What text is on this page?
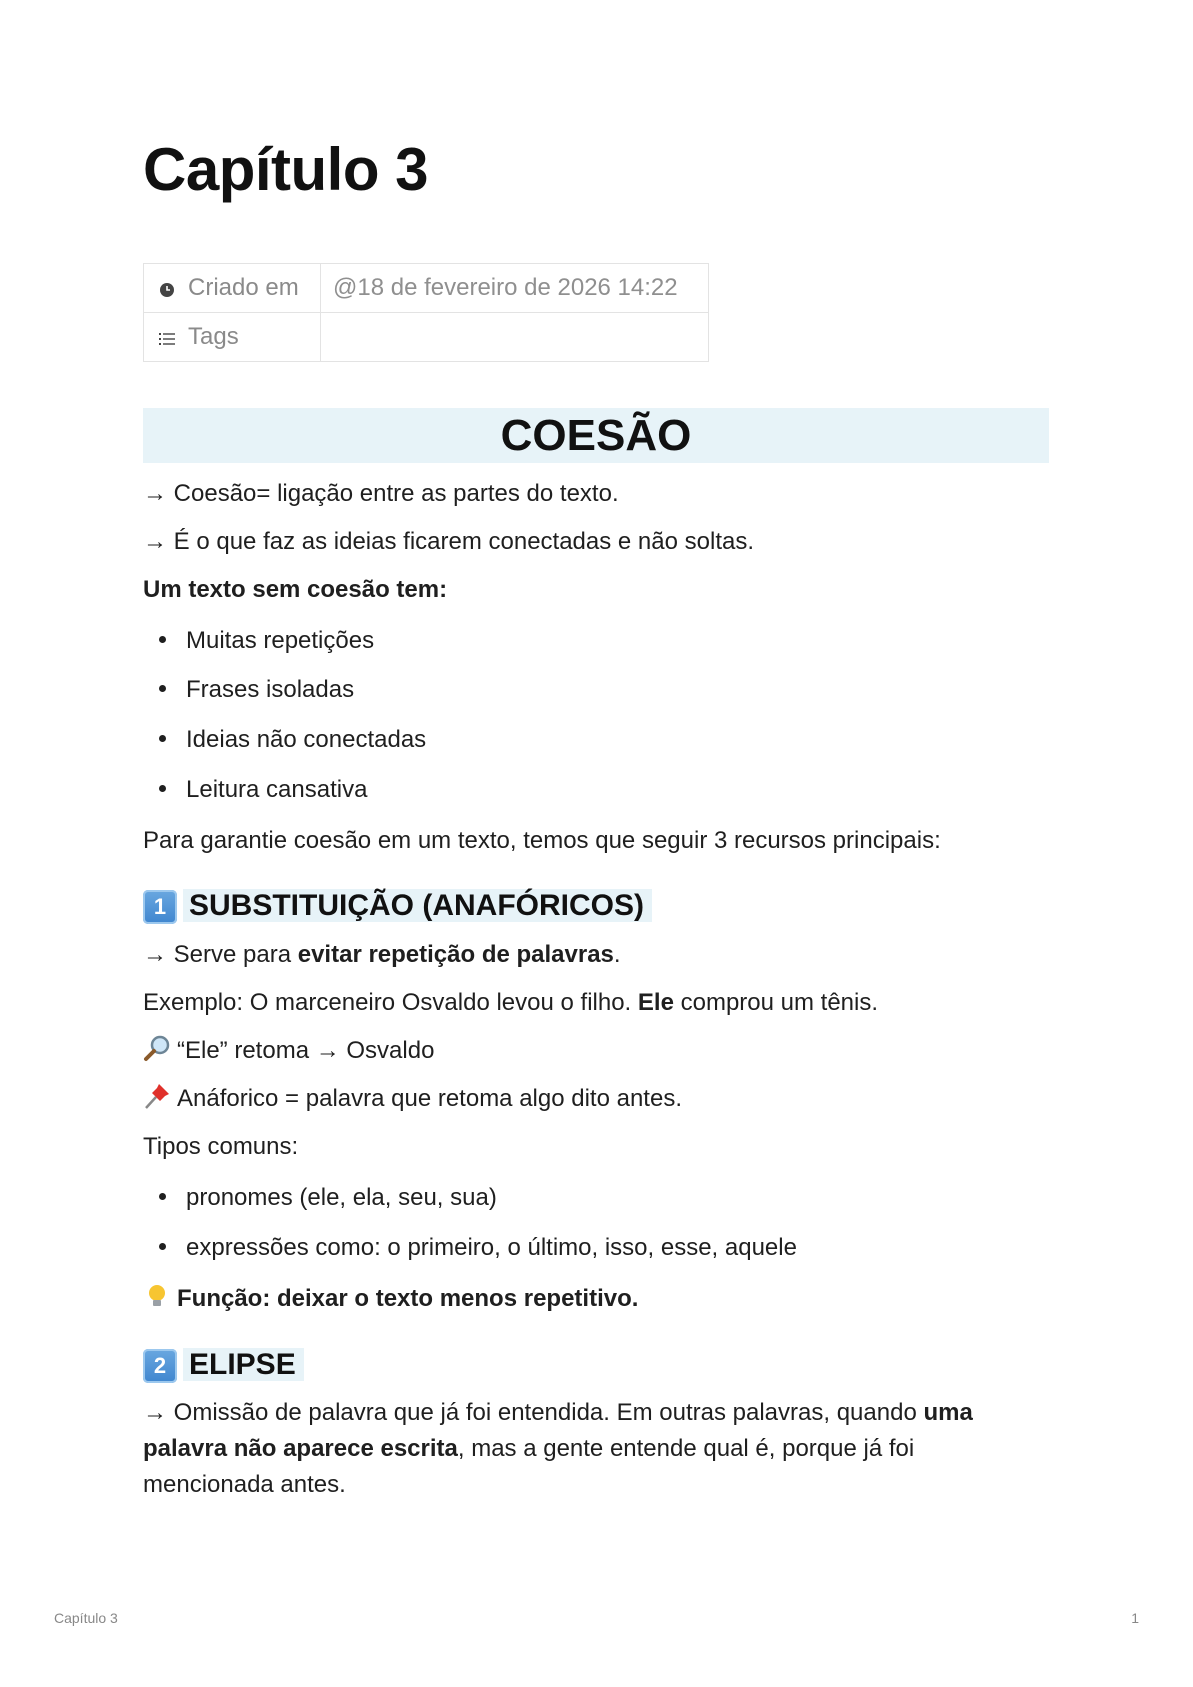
Capítulo 3
Criado em	@18 de fevereiro de 2026 14:22

Tags	
COESÃO
→ Coesão= ligação entre as partes do texto.
→ É o que faz as ideias ficarem conectadas e não soltas.
Um texto sem coesão tem:
Muitas repetições
Frases isoladas
Ideias não conectadas
Leitura cansativa
Para garantie coesão em um texto, temos que seguir 3 recursos principais:
1 SUBSTITUIÇÃO (ANAFÓRICOS)
→ Serve para evitar repetição de palavras.
Exemplo: O marceneiro Osvaldo levou o filho. Ele comprou um tênis.
“Ele” retoma → Osvaldo
Anáforico = palavra que retoma algo dito antes.
Tipos comuns:
pronomes (ele, ela, seu, sua)
expressões como: o primeiro, o último, isso, esse, aquele
Função: deixar o texto menos repetitivo.
2 ELIPSE
→ Omissão de palavra que já foi entendida. Em outras palavras, quando uma palavra não aparece escrita, mas a gente entende qual é, porque já foi mencionada antes.
Capítulo 3	1
